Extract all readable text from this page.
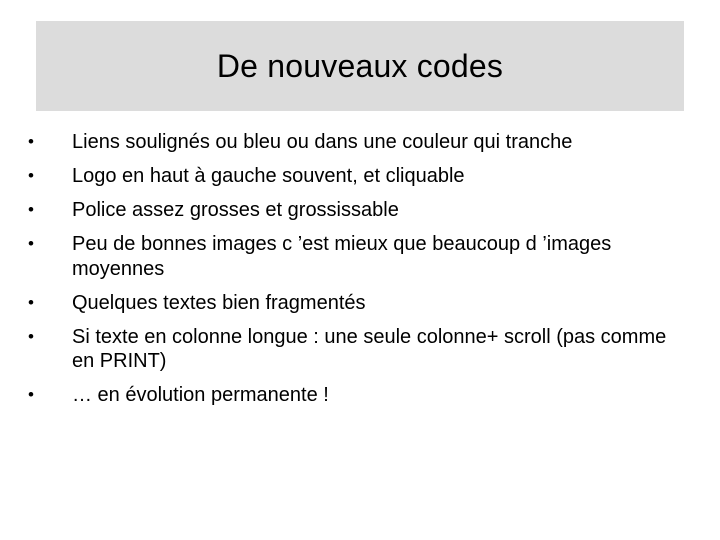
De nouveaux codes
• Liens soulignés ou bleu ou dans une couleur qui tranche
• Logo en haut à gauche souvent, et cliquable
• Police assez grosses et grossissable
• Peu de bonnes images c ’est mieux que beaucoup d ’images moyennes
• Quelques textes bien fragmentés
• Si texte en colonne longue : une seule colonne+ scroll (pas comme en PRINT)
• … en évolution permanente !
